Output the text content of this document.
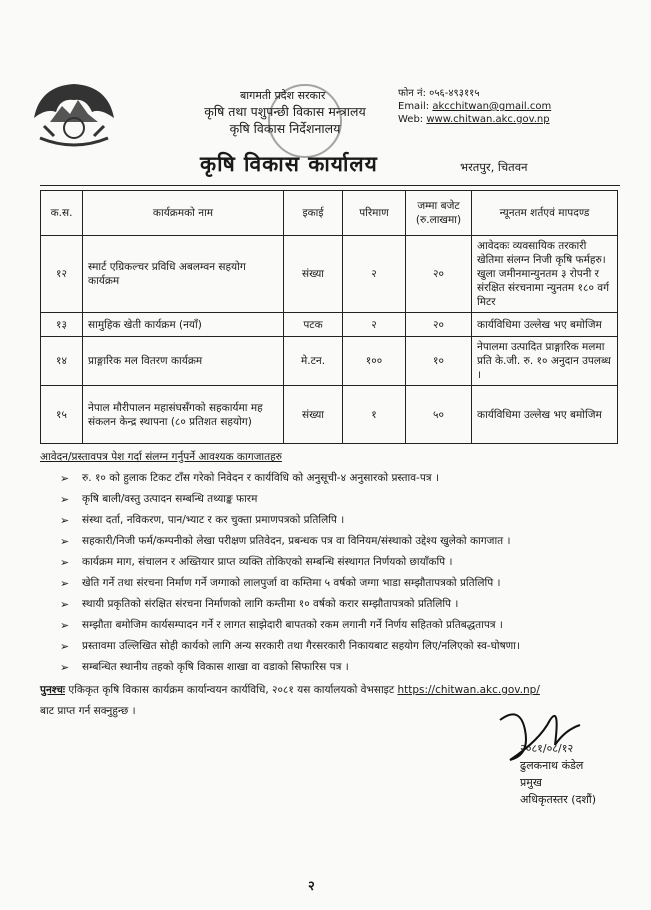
बागमती प्रदेश सरकार
कृषि तथा पशुपन्छी विकास मन्त्रालय
कृषि विकास निर्देशनालय
कृषि विकास कार्यालय
फोन नं: ०५६-४९३११५
Email: akcchitwan@gmail.com
Web: www.chitwan.akc.gov.np
भरतपुर, चितवन
क.स.	कार्यक्रमको नाम	इकाई	परिमाण	जम्मा बजेट (रु.लाखमा)	न्यूनतम शर्तएवं मापदण्ड
१२	स्मार्ट एग्रिकल्चर प्रविधि अबलम्वन सहयोग कार्यक्रम	संख्या	२	२०	आवेदकः व्यवसायिक तरकारी खेतिमा संलग्न निजी कृषि फर्महरु। खुला जमीनमान्युनतम ३ रोपनी र संरक्षित संरचनामा न्युनतम १८० वर्ग मिटर
१३	सामुहिक खेती कार्यक्रम (नयाँ)	पटक	२	२०	कार्यविधिमा उल्लेख भए बमोजिम
१४	प्राङ्गारिक मल वितरण कार्यक्रम	मे.टन.	१००	१०	नेपालमा उत्पादित प्राङ्गारिक मलमा प्रति के.जी. रु. १० अनुदान उपलब्ध ।
१५	नेपाल मौरीपालन महासंघसँगको सहकार्यमा मह संकलन केन्द्र स्थापना (८० प्रतिशत सहयोग)	संख्या	१	५०	कार्यविधिमा उल्लेख भए बमोजिम
आवेदन/प्रस्तावपत्र पेश गर्दा संलग्न गर्नुपर्ने आवश्यक कागजातहरु
➢ रु. १० को हुलाक टिकट टाँस गरेको निवेदन र कार्यविधि को अनुसूची-४ अनुसारको प्रस्ताव-पत्र ।
➢ कृषि बाली/वस्तु उत्पादन सम्बन्धि तथ्याङ्क फारम
➢ संस्था दर्ता, नविकरण, पान/भ्याट र कर चुक्ता प्रमाणपत्रको प्रतिलिपि ।
➢ सहकारी/निजी फर्म/कम्पनीको लेखा परीक्षण प्रतिवेदन, प्रबन्धक पत्र वा विनियम/संस्थाको उद्देश्य खुलेको कागजात ।
➢ कार्यक्रम माग, संचालन र अख्तियार प्राप्त व्यक्ति तोकिएको सम्बन्धि संस्थागत निर्णयको छायाँकपि ।
➢ खेति गर्ने तथा संरचना निर्माण गर्ने जग्गाको लालपुर्जा वा कम्तिमा ५ वर्षको जग्गा भाडा सम्झौतापत्रको प्रतिलिपि ।
➢ स्थायी प्रकृतिको संरक्षित संरचना निर्माणको लागि कम्तीमा १० वर्षको करार सम्झौतापत्रको प्रतिलिपि ।
➢ सम्झौता बमोजिम कार्यसम्पादन गर्ने र लागत साझेदारी बापतको रकम लगानी गर्ने निर्णय सहितको प्रतिबद्धतापत्र ।
➢ प्रस्तावमा उल्लिखित सोही कार्यको लागि अन्य सरकारी तथा गैरसरकारी निकायबाट सहयोग लिए/नलिएको स्व-घोषणा।
➢ सम्बन्धित स्थानीय तहको कृषि विकास शाखा वा वडाको सिफारिस पत्र ।
पुनश्चः एकिकृत कृषि विकास कार्यक्रम कार्यान्वयन कार्यविधि, २०८१ यस कार्यालयको वेभसाइट https://chitwan.akc.gov.np/
बाट प्राप्त गर्न सक्नुहुन्छ ।
२०८१/०८/१२
ढुलकनाथ कंडेल
प्रमुख
अधिकृतस्तर (दशौं)
२
